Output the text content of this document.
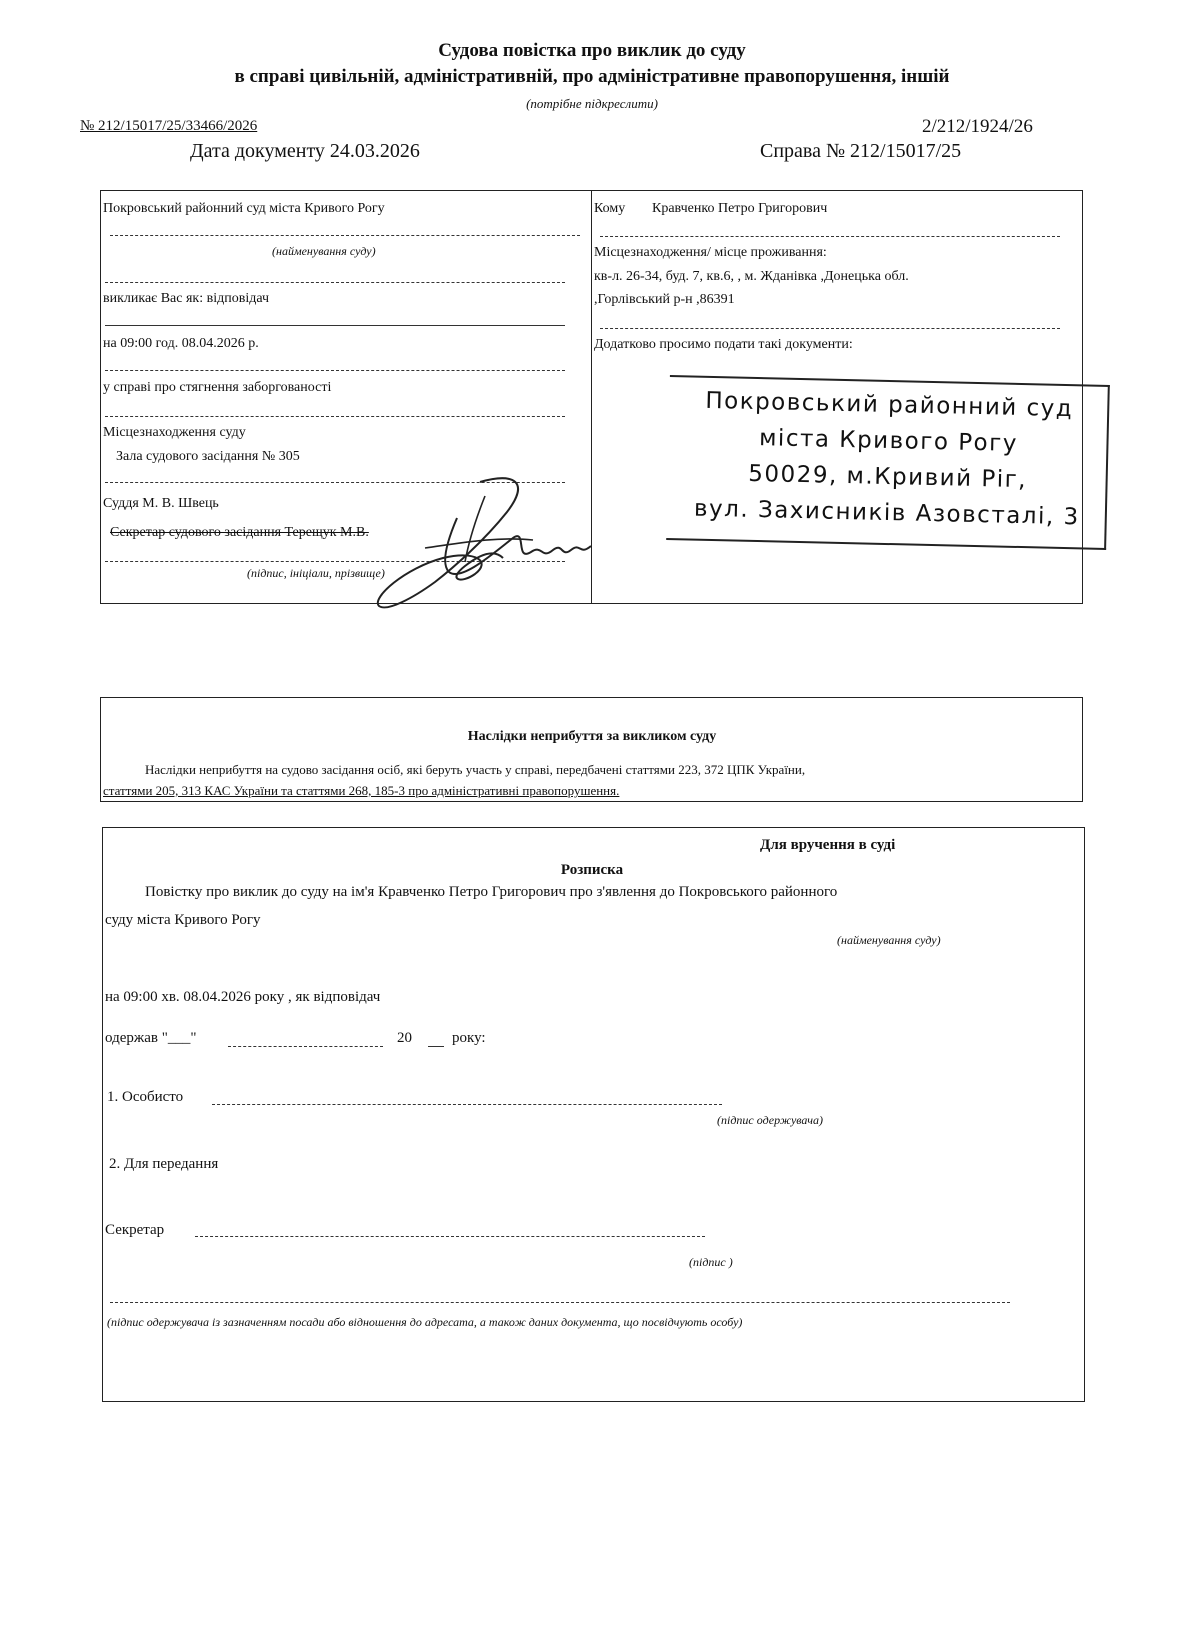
Судова повістка про виклик до суду
в справі цивільній, адміністративній, про адміністративне правопорушення, іншій
(потрібне підкреслити)
№ 212/15017/25/33466/2026	2/212/1924/26
Дата документу 24.03.2026	Справа № 212/15017/25
Покровський районний суд міста Кривого Рогу
(найменування суду)
викликає Вас як: відповідач
на 09:00 год. 08.04.2026 р.
у справі про стягнення заборгованості
Місцезнаходження суду
Зала судового засідання № 305
Суддя М. В. Швець
Секретар судового засідання Терещук М.В.
(підпис, ініціали, прізвище)
Кому Кравченко Петро Григорович
Місцезнаходження/ місце проживання:
кв-л. 26-34, буд. 7, кв.6, , м. Жданівка ,Донецька обл.
,Горлівський р-н ,86391
Додатково просимо подати такі документи:
Покровський районний суд
міста Кривого Рогу
50029, м.Кривий Ріг,
вул. Захисників Азовсталі, 3
Наслідки неприбуття за викликом суду
Наслідки неприбуття на судово засідання осіб, які беруть участь у справі, передбачені статтями 223, 372 ЦПК України,
статтями 205, 313 КАС України та статтями 268, 185-3 про адміністративні правопорушення.
Для вручення в суді
Розписка
Повістку про виклик до суду на ім'я Кравченко Петро Григорович про з'явлення до Покровського районного
суду міста Кривого Рогу
(найменування суду)
на 09:00 хв. 08.04.2026 року , як відповідач
одержав "___"	20	року:
1. Особисто
(підпис одержувача)
2. Для передання
Секретар
(підпис )
(підпис одержувача із зазначенням посади або відношення до адресата, а також даних документа, що посвідчують особу)
